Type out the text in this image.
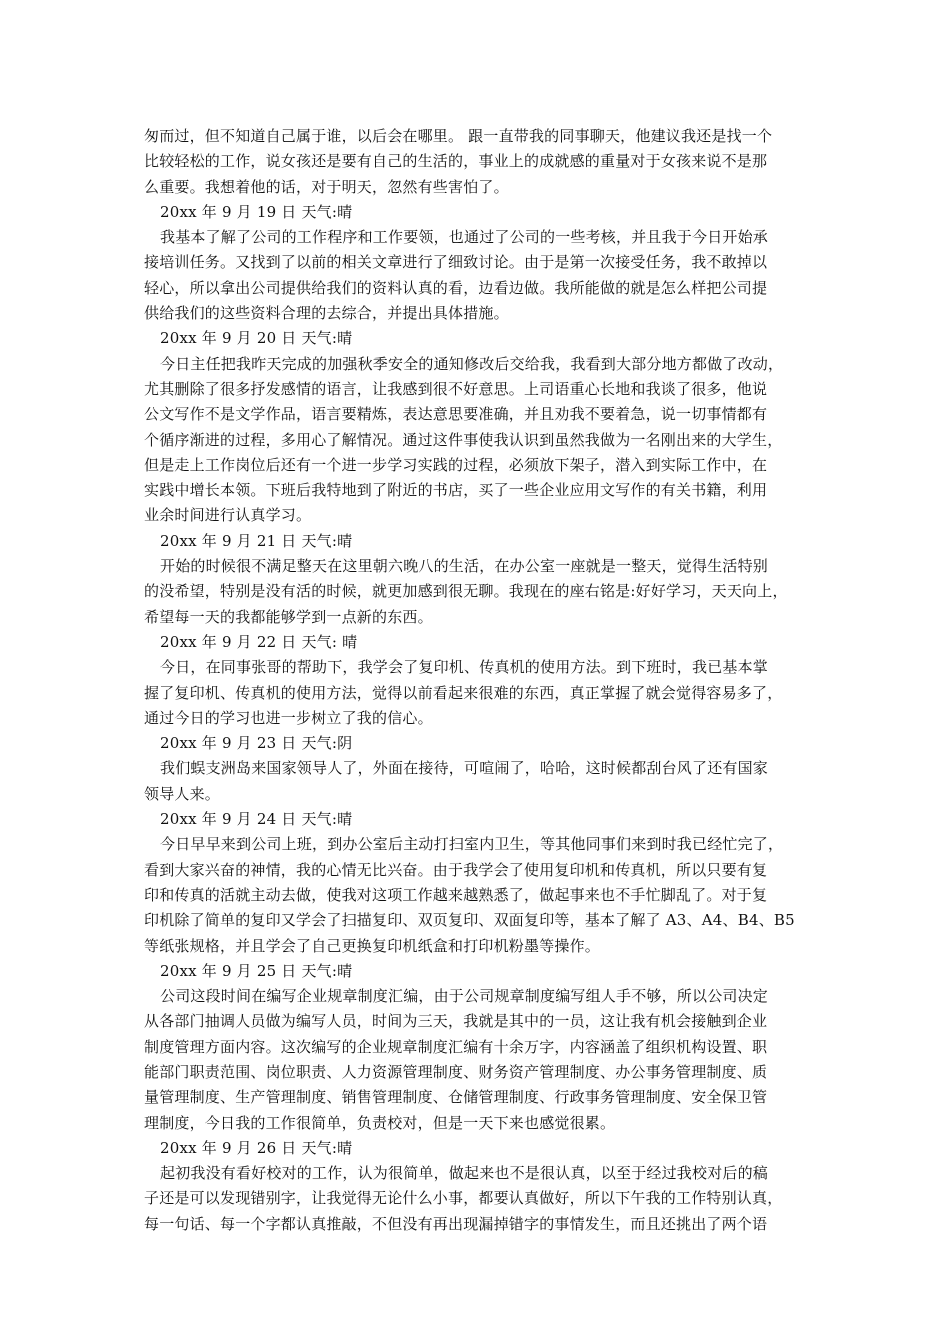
匆而过，但不知道自己属于谁，以后会在哪里。 跟一直带我的同事聊天，他建议我还是找一个
比较轻松的工作，说女孩还是要有自己的生活的，事业上的成就感的重量对于女孩来说不是那
么重要。我想着他的话，对于明天，忽然有些害怕了。
20xx 年 9 月 19 日 天气:晴
我基本了解了公司的工作程序和工作要领，也通过了公司的一些考核，并且我于今日开始承
接培训任务。又找到了以前的相关文章进行了细致讨论。由于是第一次接受任务，我不敢掉以
轻心，所以拿出公司提供给我们的资料认真的看，边看边做。我所能做的就是怎么样把公司提
供给我们的这些资料合理的去综合，并提出具体措施。
20xx 年 9 月 20 日 天气:晴
今日主任把我昨天完成的加强秋季安全的通知修改后交给我，我看到大部分地方都做了改动，
尤其删除了很多抒发感情的语言，让我感到很不好意思。上司语重心长地和我谈了很多，他说
公文写作不是文学作品，语言要精炼，表达意思要准确，并且劝我不要着急，说一切事情都有
个循序渐进的过程，多用心了解情况。通过这件事使我认识到虽然我做为一名刚出来的大学生，
但是走上工作岗位后还有一个进一步学习实践的过程，必须放下架子，潜入到实际工作中，在
实践中增长本领。下班后我特地到了附近的书店，买了一些企业应用文写作的有关书籍，利用
业余时间进行认真学习。
20xx 年 9 月 21 日 天气:晴
开始的时候很不满足整天在这里朝六晚八的生活，在办公室一座就是一整天，觉得生活特别
的没希望，特别是没有活的时候，就更加感到很无聊。我现在的座右铭是:好好学习，天天向上，
希望每一天的我都能够学到一点新的东西。
20xx 年 9 月 22 日 天气: 晴
今日，在同事张哥的帮助下，我学会了复印机、传真机的使用方法。到下班时，我已基本掌
握了复印机、传真机的使用方法，觉得以前看起来很难的东西，真正掌握了就会觉得容易多了，
通过今日的学习也进一步树立了我的信心。
20xx 年 9 月 23 日 天气:阴
我们蜈支洲岛来国家领导人了，外面在接待，可喧闹了，哈哈，这时候都刮台风了还有国家
领导人来。
20xx 年 9 月 24 日 天气:晴
今日早早来到公司上班，到办公室后主动打扫室内卫生，等其他同事们来到时我已经忙完了，
看到大家兴奋的神情，我的心情无比兴奋。由于我学会了使用复印机和传真机，所以只要有复
印和传真的活就主动去做，使我对这项工作越来越熟悉了，做起事来也不手忙脚乱了。对于复
印机除了简单的复印又学会了扫描复印、双页复印、双面复印等，基本了解了 A3、A4、B4、B5
等纸张规格，并且学会了自己更换复印机纸盒和打印机粉墨等操作。
20xx 年 9 月 25 日 天气:晴
公司这段时间在编写企业规章制度汇编，由于公司规章制度编写组人手不够，所以公司决定
从各部门抽调人员做为编写人员，时间为三天，我就是其中的一员，这让我有机会接触到企业
制度管理方面内容。这次编写的企业规章制度汇编有十余万字，内容涵盖了组织机构设置、职
能部门职责范围、岗位职责、人力资源管理制度、财务资产管理制度、办公事务管理制度、质
量管理制度、生产管理制度、销售管理制度、仓储管理制度、行政事务管理制度、安全保卫管
理制度，今日我的工作很简单，负责校对，但是一天下来也感觉很累。
20xx 年 9 月 26 日 天气:晴
起初我没有看好校对的工作，认为很简单，做起来也不是很认真，以至于经过我校对后的稿
子还是可以发现错别字，让我觉得无论什么小事，都要认真做好，所以下午我的工作特别认真，
每一句话、每一个字都认真推敲，不但没有再出现漏掉错字的事情发生，而且还挑出了两个语
